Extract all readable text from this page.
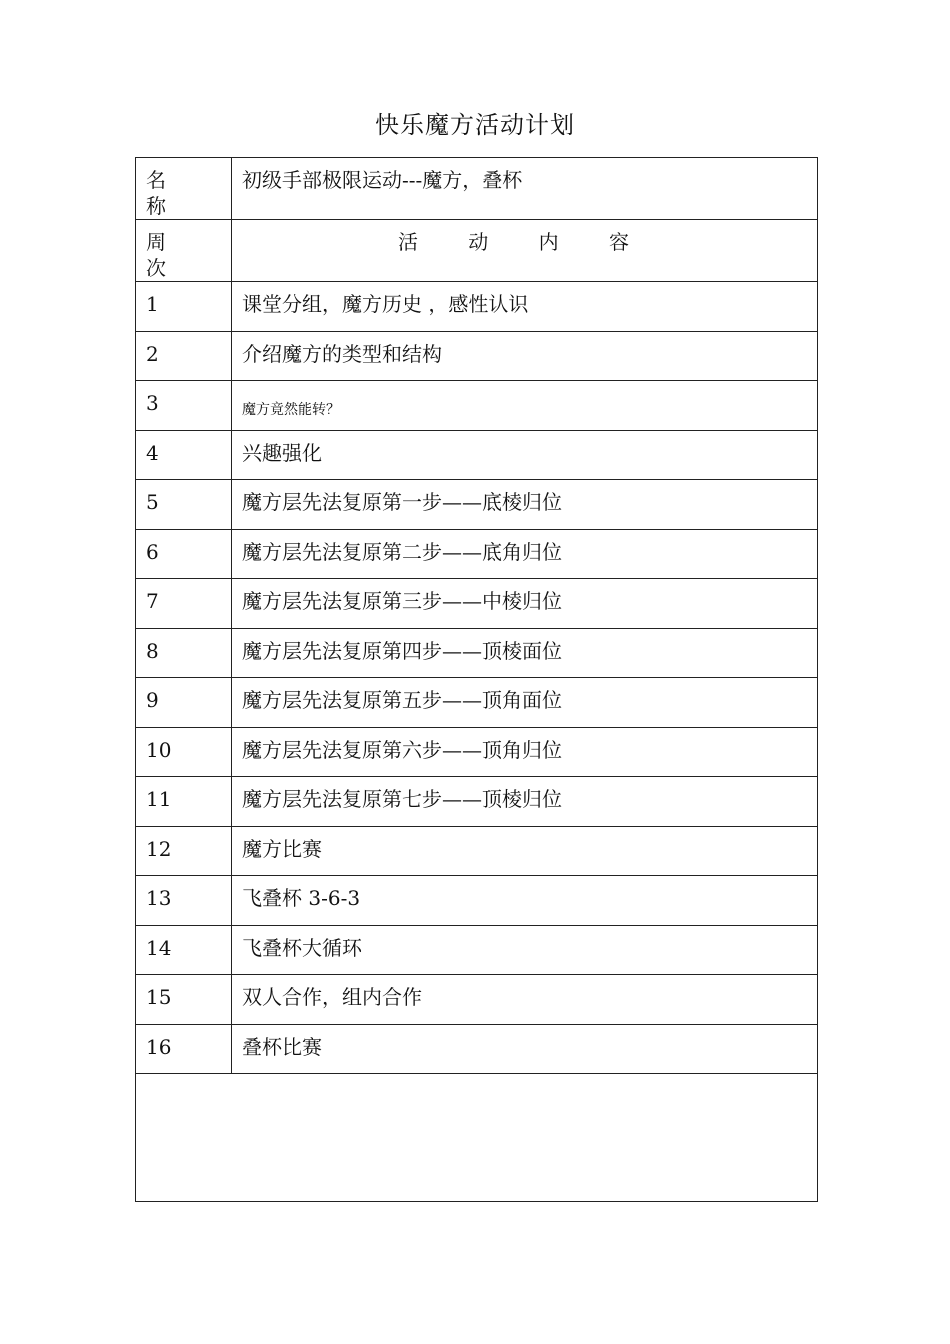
快乐魔方活动计划
名 称	初级手部极限运动---魔方，叠杯
周 次	活 动 内 容
1	课堂分组，魔方历史 ，感性认识
2	介绍魔方的类型和结构
3	魔方竟然能转？
4	兴趣强化
5	魔方层先法复原第一步——底棱归位
6	魔方层先法复原第二步——底角归位
7	魔方层先法复原第三步——中棱归位
8	魔方层先法复原第四步——顶棱面位
9	魔方层先法复原第五步——顶角面位
10	魔方层先法复原第六步——顶角归位
11	魔方层先法复原第七步——顶棱归位
12	魔方比赛
13	飞叠杯 3-6-3
14	飞叠杯大循环
15	双人合作，组内合作
16	叠杯比赛
